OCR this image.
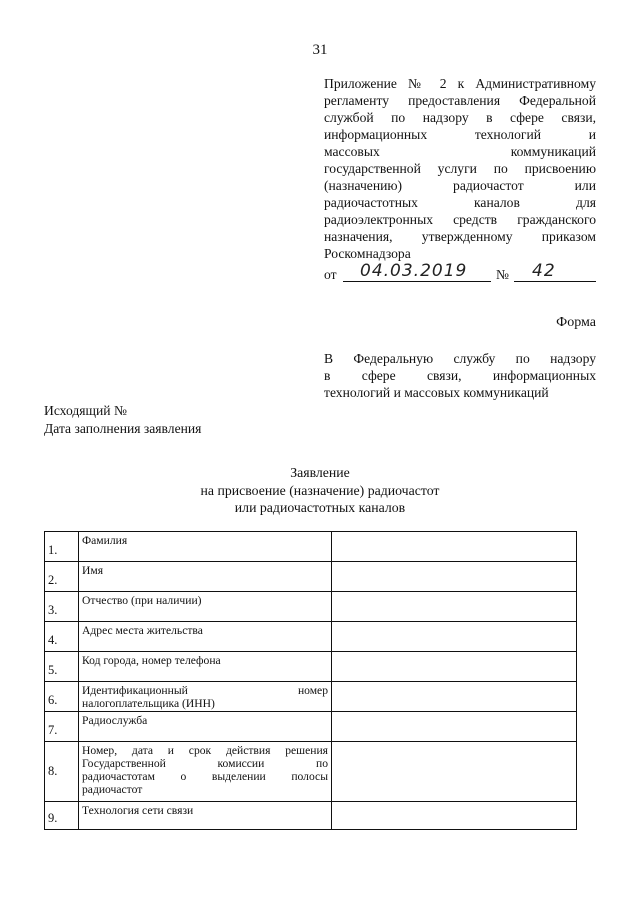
31
Приложение № 2 к Административному
регламенту предоставления Федеральной
службой по надзору в сфере связи,
информационных технологий и
массовых коммуникаций
государственной услуги по присвоению
(назначению) радиочастот или
радиочастотных каналов для
радиоэлектронных средств гражданского
назначения, утвержденному приказом
Роскомнадзора
от 04.03.2019 № 42
Форма
В Федеральную службу по надзору
в сфере связи, информационных
технологий и массовых коммуникаций
Исходящий №
Дата заполнения заявления
Заявление
на присвоение (назначение) радиочастот
или радиочастотных каналов
1.	Фамилия	

2.	Имя	

3.	Отчество (при наличии)	

4.	Адрес места жительства	

5.	Код города, номер телефона	

6.	Идентификационный номер
налогоплательщика (ИНН)	

7.	Радиослужба	

8.	Номер, дата и срок действия решения
Государственной комиссии по
радиочастотам о выделении полосы
радиочастот	

9.	Технология сети связи	
